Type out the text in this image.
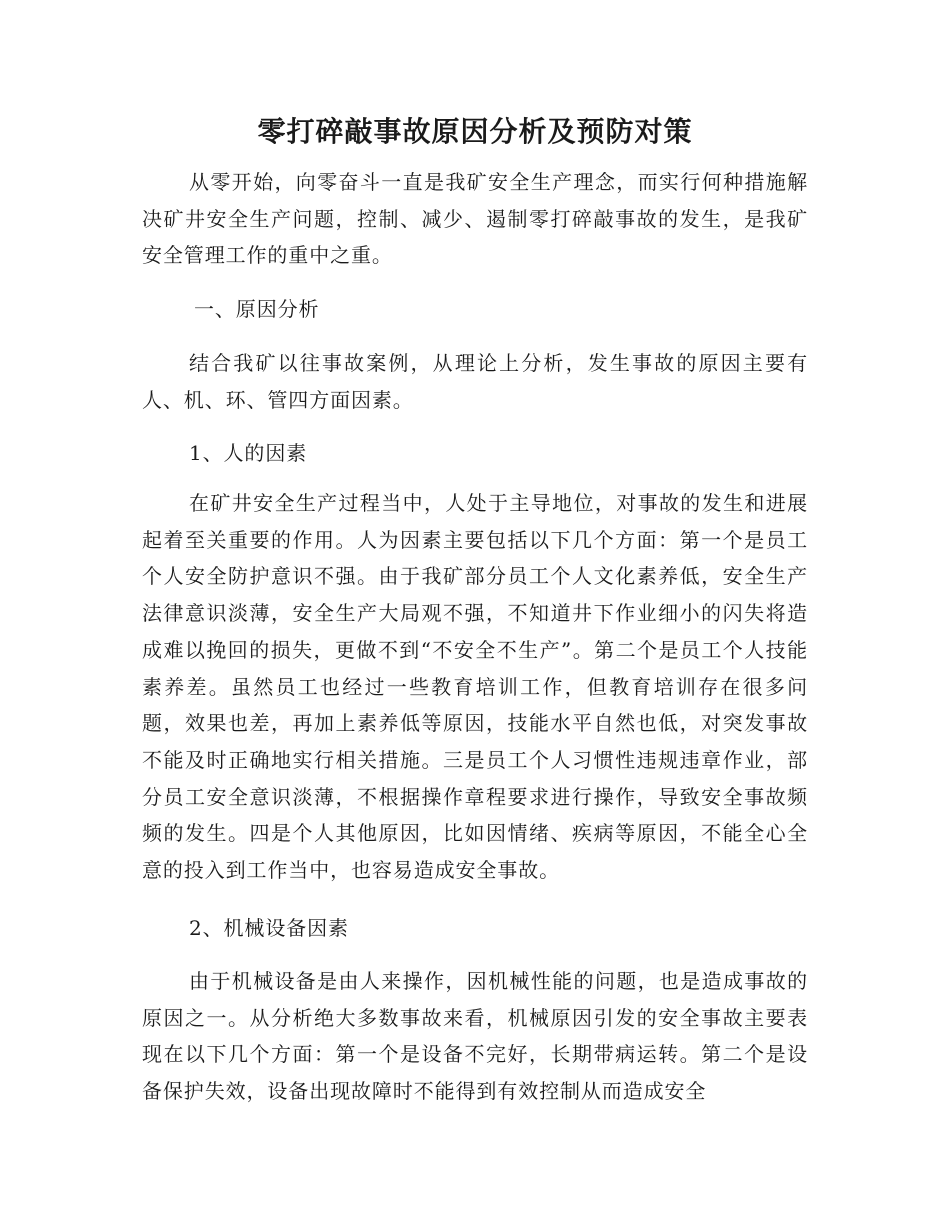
零打碎敲事故原因分析及预防对策

从零开始，向零奋斗一直是我矿安全生产理念，而实行何种措施解决矿井安全生产问题，控制、减少、遏制零打碎敲事故的发生，是我矿安全管理工作的重中之重。

一、原因分析

结合我矿以往事故案例，从理论上分析，发生事故的原因主要有人、机、环、管四方面因素。

1、人的因素

在矿井安全生产过程当中，人处于主导地位，对事故的发生和进展起着至关重要的作用。人为因素主要包括以下几个方面：第一个是员工个人安全防护意识不强。由于我矿部分员工个人文化素养低，安全生产法律意识淡薄，安全生产大局观不强，不知道井下作业细小的闪失将造成难以挽回的损失，更做不到“不安全不生产”。第二个是员工个人技能素养差。虽然员工也经过一些教育培训工作，但教育培训存在很多问题，效果也差，再加上素养低等原因，技能水平自然也低，对突发事故不能及时正确地实行相关措施。三是员工个人习惯性违规违章作业，部分员工安全意识淡薄，不根据操作章程要求进行操作，导致安全事故频频的发生。四是个人其他原因，比如因情绪、疾病等原因，不能全心全意的投入到工作当中，也容易造成安全事故。

2、机械设备因素

由于机械设备是由人来操作，因机械性能的问题，也是造成事故的原因之一。从分析绝大多数事故来看，机械原因引发的安全事故主要表现在以下几个方面：第一个是设备不完好，长期带病运转。第二个是设备保护失效，设备出现故障时不能得到有效控制从而造成安全
